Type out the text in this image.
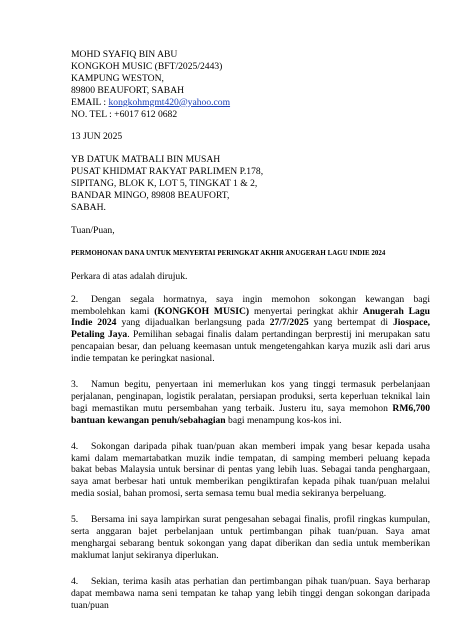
MOHD SYAFIQ BIN ABU
KONGKOH MUSIC (BFT/2025/2443)
KAMPUNG WESTON,
89800 BEAUFORT, SABAH
EMAIL : kongkohmgmt420@yahoo.com
NO. TEL : +6017 612 0682
13 JUN 2025
YB DATUK MATBALI BIN MUSAH
PUSAT KHIDMAT RAKYAT PARLIMEN P.178,
SIPITANG, BLOK K, LOT 5, TINGKAT 1 & 2,
BANDAR MINGO, 89808 BEAUFORT,
SABAH.
Tuan/Puan,
PERMOHONAN DANA UNTUK MENYERTAI PERINGKAT AKHIR ANUGERAH LAGU INDIE 2024
Perkara di atas adalah dirujuk.

2. Dengan segala hormatnya, saya ingin memohon sokongan kewangan bagi membolehkan kami (KONGKOH MUSIC) menyertai peringkat akhir Anugerah Lagu Indie 2024 yang dijadualkan berlangsung pada 27/7/2025 yang bertempat di Jiospace, Petaling Jaya. Pemilihan sebagai finalis dalam pertandingan berprestij ini merupakan satu pencapaian besar, dan peluang keemasan untuk mengetengahkan karya muzik asli dari arus indie tempatan ke peringkat nasional.

3. Namun begitu, penyertaan ini memerlukan kos yang tinggi termasuk perbelanjaan perjalanan, penginapan, logistik peralatan, persiapan produksi, serta keperluan teknikal lain bagi memastikan mutu persembahan yang terbaik. Justeru itu, saya memohon RM6,700 bantuan kewangan penuh/sebahagian bagi menampung kos-kos ini.

4. Sokongan daripada pihak tuan/puan akan memberi impak yang besar kepada usaha kami dalam memartabatkan muzik indie tempatan, di samping memberi peluang kepada bakat bebas Malaysia untuk bersinar di pentas yang lebih luas. Sebagai tanda penghargaan, saya amat berbesar hati untuk memberikan pengiktirafan kepada pihak tuan/puan melalui media sosial, bahan promosi, serta semasa temu bual media sekiranya berpeluang.

5. Bersama ini saya lampirkan surat pengesahan sebagai finalis, profil ringkas kumpulan, serta anggaran bajet perbelanjaan untuk pertimbangan pihak tuan/puan. Saya amat menghargai sebarang bentuk sokongan yang dapat diberikan dan sedia untuk memberikan maklumat lanjut sekiranya diperlukan.

4. Sekian, terima kasih atas perhatian dan pertimbangan pihak tuan/puan. Saya berharap dapat membawa nama seni tempatan ke tahap yang lebih tinggi dengan sokongan daripada tuan/puan
